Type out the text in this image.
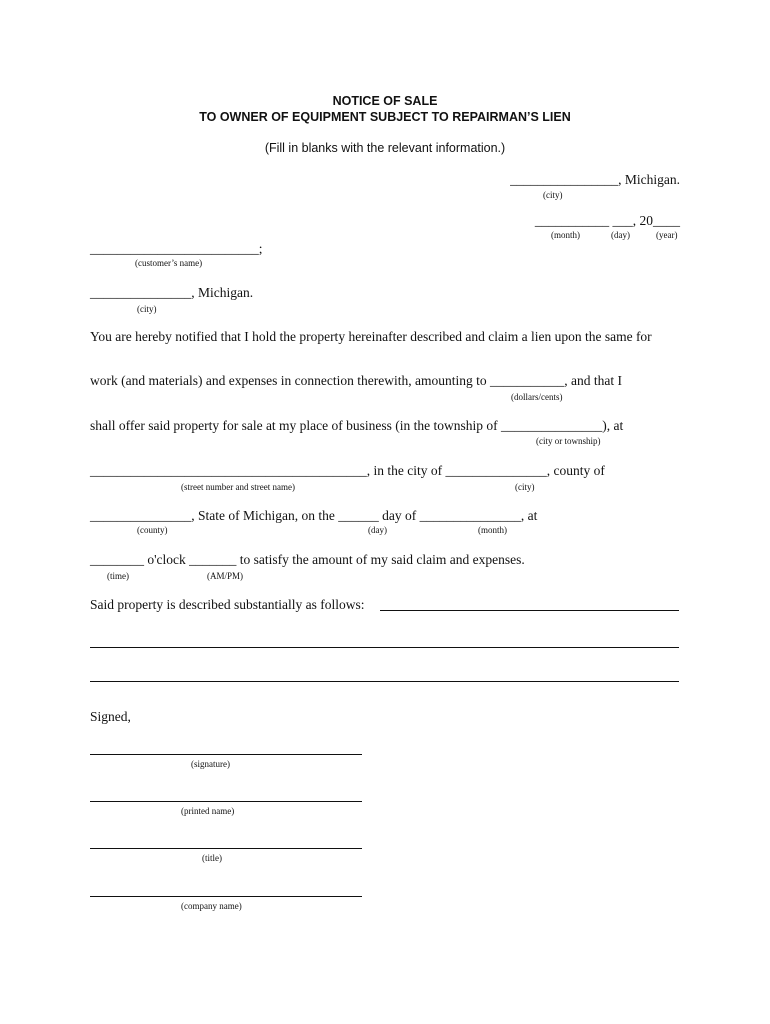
NOTICE OF SALE
TO OWNER OF EQUIPMENT SUBJECT TO REPAIRMAN’S LIEN
(Fill in blanks with the relevant information.)
________________, Michigan.
(city)
___________ ___, 20____
(month)	(day)	(year)
_________________________;
(customer’s name)
_______________, Michigan.
(city)
You are hereby notified that I hold the property hereinafter described and claim a lien upon the same for
work (and materials) and expenses in connection therewith, amounting to ___________, and that I
(dollars/cents)
shall offer said property for sale at my place of business (in the township of _______________), at
(city or township)
_________________________________________, in the city of _______________, county of
(street number and street name)	(city)
_______________, State of Michigan, on the ______ day of _______________, at
(county)	(day)	(month)
________ o'clock _______ to satisfy the amount of my said claim and expenses.
(time)	(AM/PM)
Said property is described substantially as follows:
Signed,
(signature)
(printed name)
(title)
(company name)
